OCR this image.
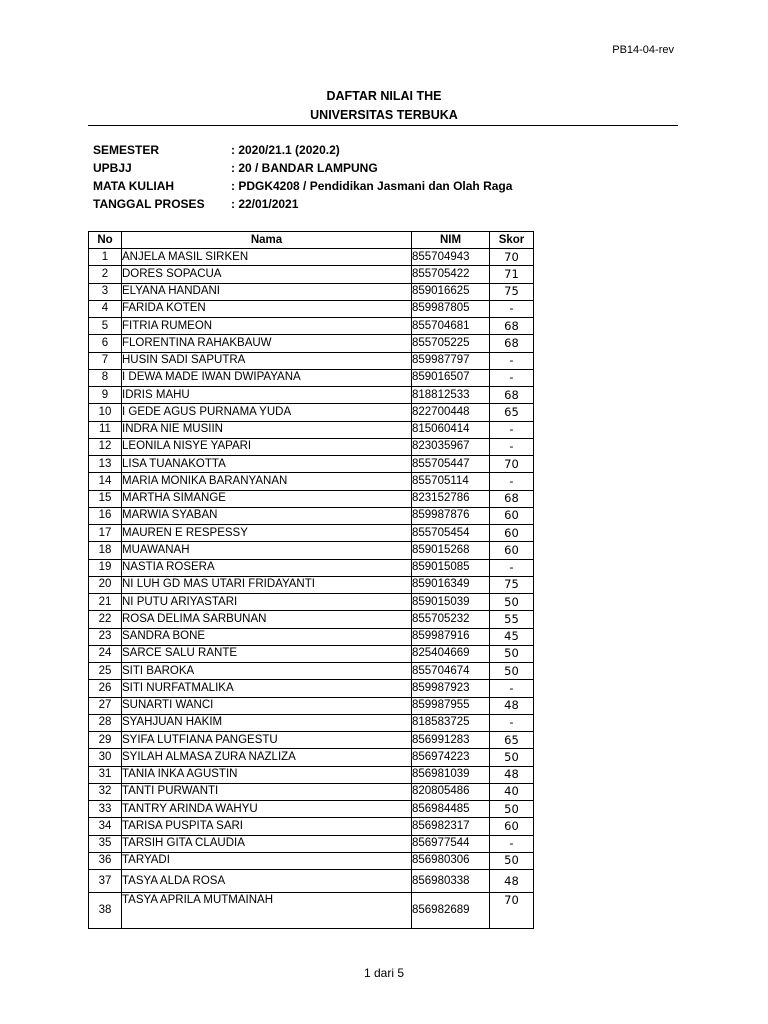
PB14-04-rev
DAFTAR NILAI THE
UNIVERSITAS TERBUKA
SEMESTER	: 2020/21.1 (2020.2)
UPBJJ	: 20 / BANDAR LAMPUNG
MATA KULIAH	: PDGK4208 / Pendidikan Jasmani dan Olah Raga
TANGGAL PROSES : 22/01/2021
No	Nama	NIM	Skor
1	ANJELA MASIL SIRKEN	855704943	70
2	DORES SOPACUA	855705422	71
3	ELYANA HANDANI	859016625	75
4	FARIDA KOTEN	859987805	-
5	FITRIA RUMEON	855704681	68
6	FLORENTINA RAHAKBAUW	855705225	68
7	HUSIN SADI SAPUTRA	859987797	-
8	I DEWA MADE IWAN DWIPAYANA	859016507	-
9	IDRIS MAHU	818812533	68
10	I GEDE AGUS PURNAMA YUDA	822700448	65
11	INDRA NIE MUSIIN	815060414	-
12	LEONILA NISYE YAPARI	823035967	-
13	LISA TUANAKOTTA	855705447	70
14	MARIA MONIKA BARANYANAN	855705114	-
15	MARTHA SIMANGE	823152786	68
16	MARWIA SYABAN	859987876	60
17	MAUREN E RESPESSY	855705454	60
18	MUAWANAH	859015268	60
19	NASTIA ROSERA	859015085	-
20	NI LUH GD MAS UTARI FRIDAYANTI	859016349	75
21	NI PUTU ARIYASTARI	859015039	50
22	ROSA DELIMA SARBUNAN	855705232	55
23	SANDRA BONE	859987916	45
24	SARCE SALU RANTE	825404669	50
25	SITI BAROKA	855704674	50
26	SITI NURFATMALIKA	859987923	-
27	SUNARTI WANCI	859987955	48
28	SYAHJUAN HAKIM	818583725	-
29	SYIFA LUTFIANA PANGESTU	856991283	65
30	SYILAH ALMASA ZURA NAZLIZA	856974223	50
31	TANIA INKA AGUSTIN	856981039	48
32	TANTI PURWANTI	820805486	40
33	TANTRY ARINDA WAHYU	856984485	50
34	TARISA PUSPITA SARI	856982317	60
35	TARSIH GITA CLAUDIA	856977544	-
36	TARYADI	856980306	50
37	TASYA ALDA ROSA	856980338	48
38	TASYA APRILA MUTMAINAH	856982689	70
1 dari 5
